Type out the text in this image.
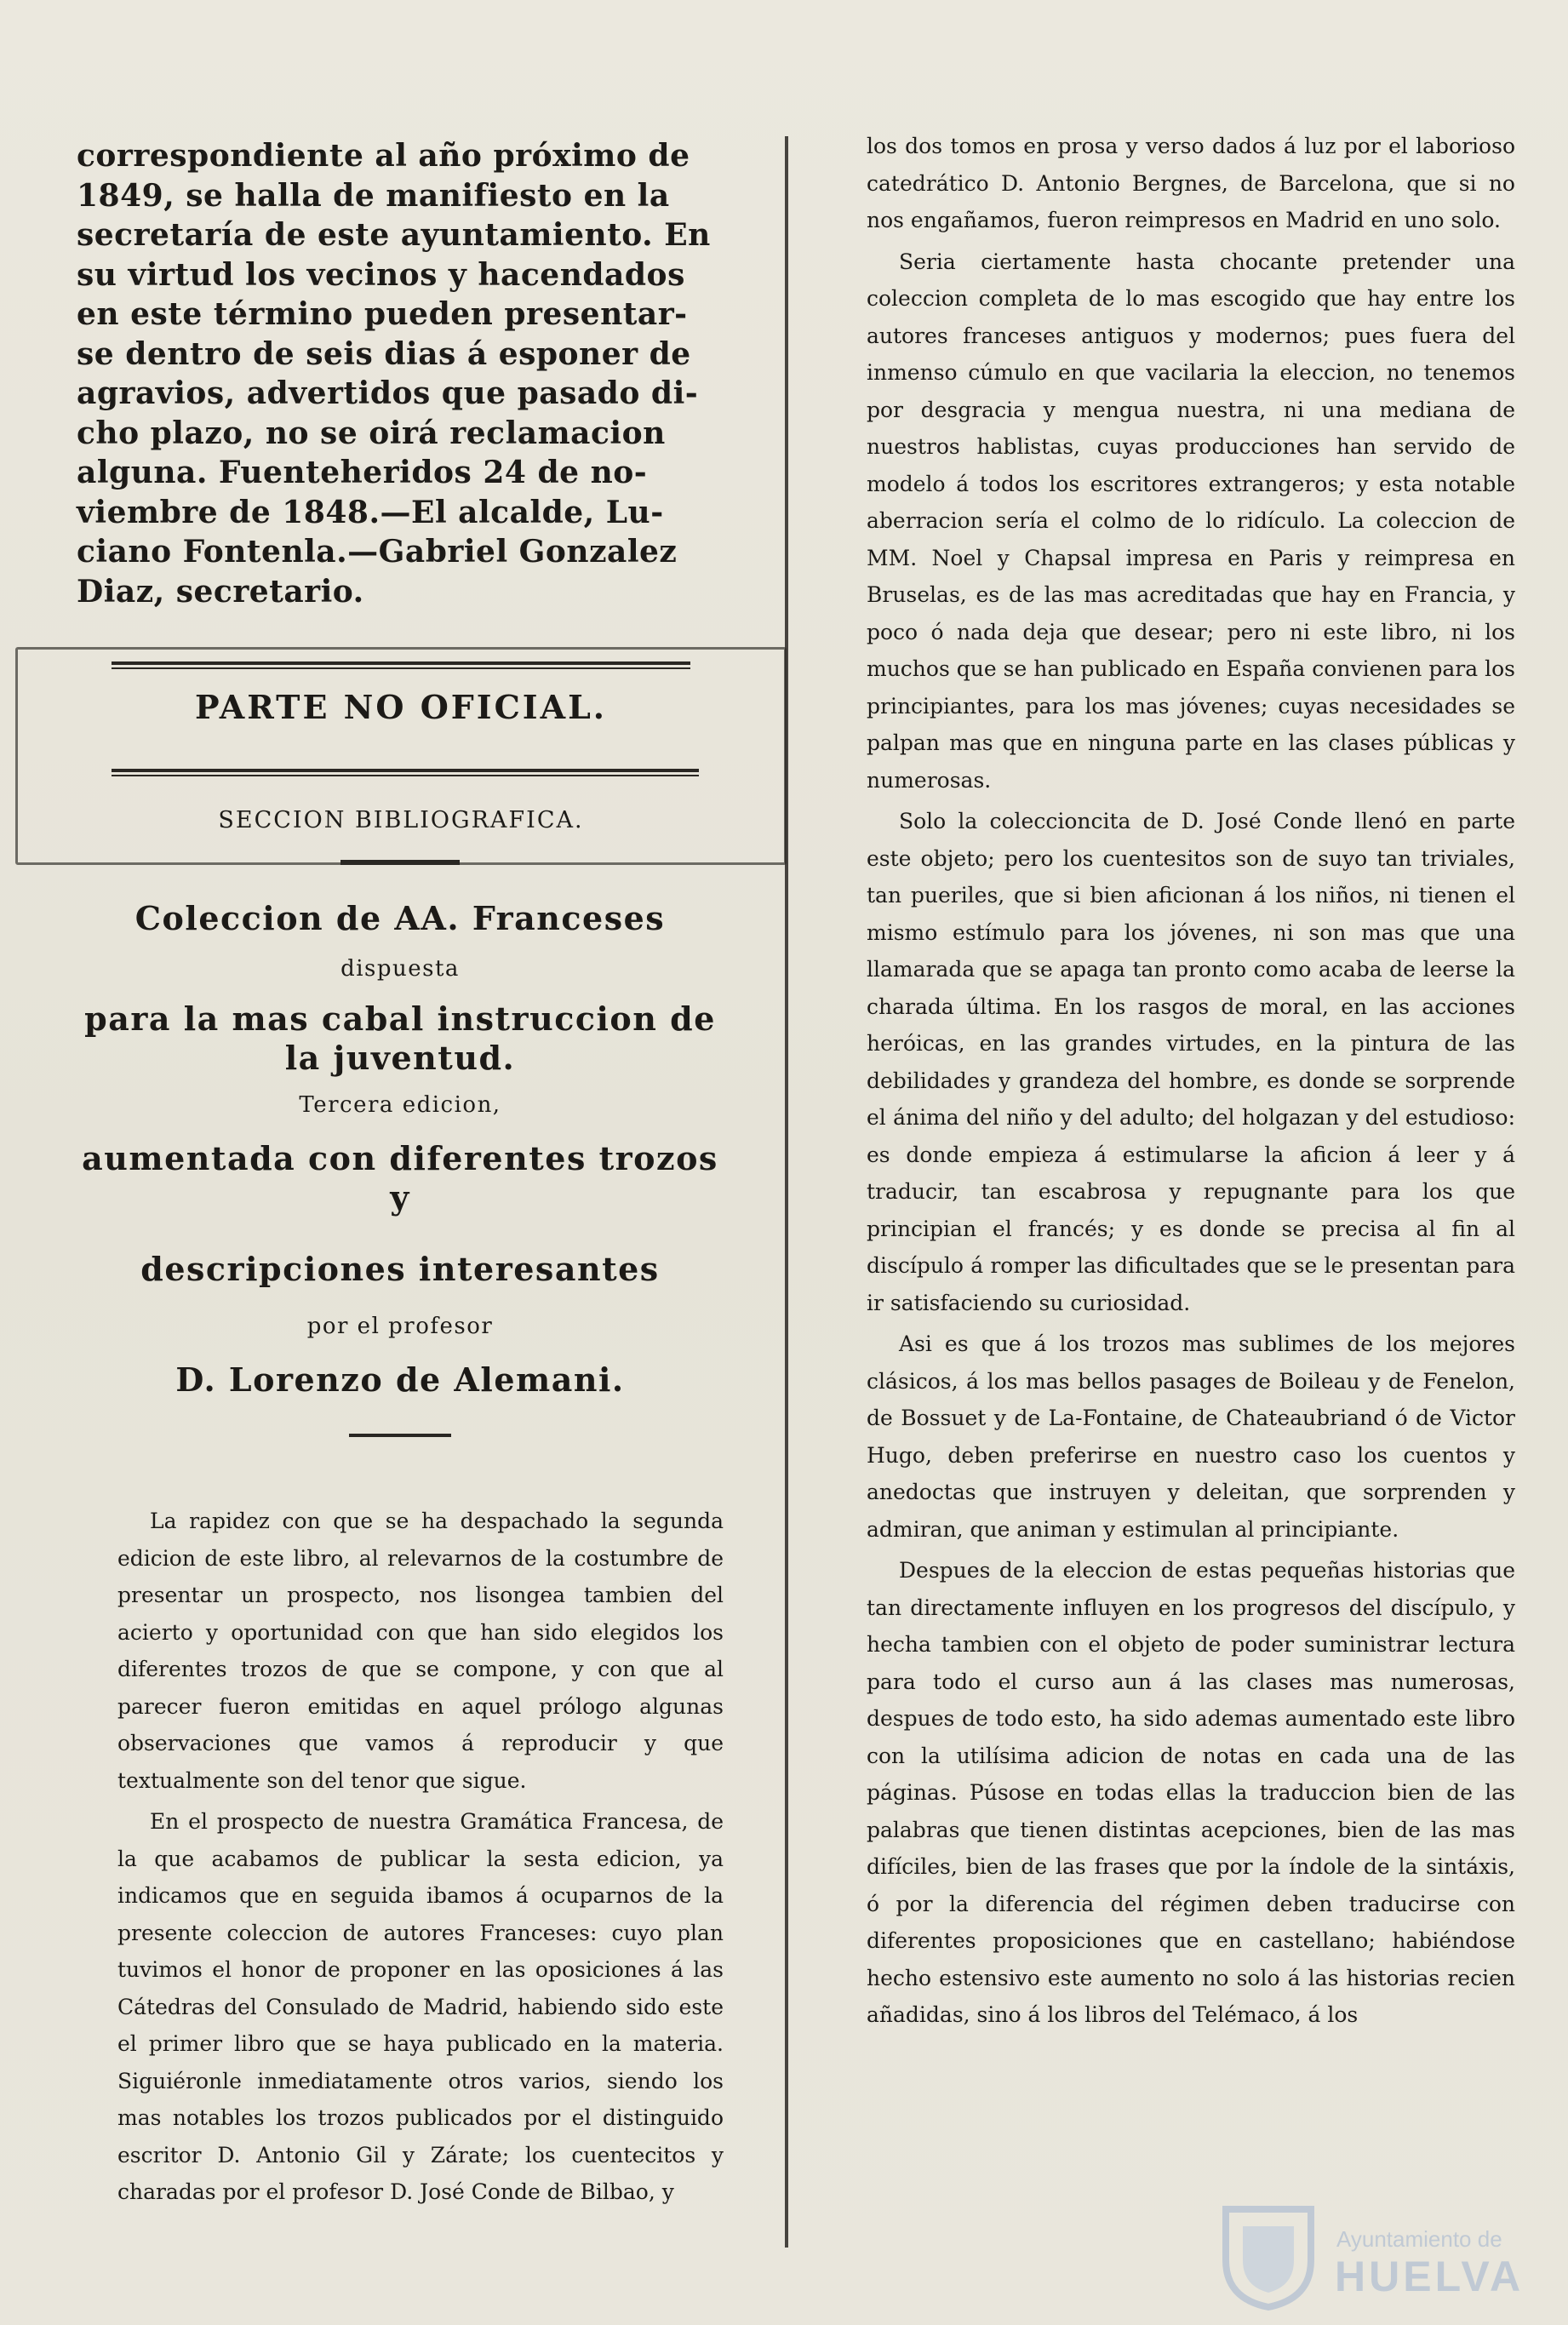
correspondiente al año próximo de

1849, se halla de manifiesto en la

secretaría de este ayuntamiento. En

su virtud los vecinos y hacendados

en este término pueden presentar-

se dentro de seis dias á esponer de

agravios, advertidos que pasado di-

cho plazo, no se oirá reclamacion

alguna. Fuenteheridos 24 de no-

viembre de 1848.—El alcalde, Lu-

ciano Fontenla.—Gabriel Gonzalez

Diaz, secretario.

PARTE NO OFICIAL.
SECCION BIBLIOGRAFICA.

Coleccion de AA. Franceses

dispuesta

para la mas cabal instruccion de la juventud.

Tercera edicion,

aumentada con diferentes trozos y

descripciones interesantes

por el profesor

D. Lorenzo de Alemani.

La rapidez con que se ha despachado la segunda edicion de este libro, al relevarnos de la costumbre de presentar un prospecto, nos lisongea tambien del acierto y oportunidad con que han sido elegidos los diferentes trozos de que se compone, y con que al parecer fueron emitidas en aquel prólogo algunas observaciones que vamos á reproducir y que textualmente son del tenor que sigue.

En el prospecto de nuestra Gramática Francesa, de la que acabamos de publicar la sesta edicion, ya indicamos que en seguida ibamos á ocuparnos de la presente coleccion de autores Franceses: cuyo plan tuvimos el honor de proponer en las oposiciones á las Cátedras del Consulado de Madrid, habiendo sido este el primer libro que se haya publicado en la materia. Siguiéronle inmediatamente otros varios, siendo los mas notables los trozos publicados por el distinguido escritor D. Antonio Gil y Zárate; los cuentecitos y charadas por el profesor D. José Conde de Bilbao, y

los dos tomos en prosa y verso dados á luz por el laborioso catedrático D. Antonio Bergnes, de Barcelona, que si no nos engañamos, fueron reimpresos en Madrid en uno solo.

Seria ciertamente hasta chocante pretender una coleccion completa de lo mas escogido que hay entre los autores franceses antiguos y modernos; pues fuera del inmenso cúmulo en que vacilaria la eleccion, no tenemos por desgracia y mengua nuestra, ni una mediana de nuestros hablistas, cuyas producciones han servido de modelo á todos los escritores extrangeros; y esta notable aberracion sería el colmo de lo ridículo. La coleccion de MM. Noel y Chapsal impresa en Paris y reimpresa en Bruselas, es de las mas acreditadas que hay en Francia, y poco ó nada deja que desear; pero ni este libro, ni los muchos que se han publicado en España convienen para los principiantes, para los mas jóvenes; cuyas necesidades se palpan mas que en ninguna parte en las clases públicas y numerosas.

Solo la coleccioncita de D. José Conde llenó en parte este objeto; pero los cuentesitos son de suyo tan triviales, tan pueriles, que si bien aficionan á los niños, ni tienen el mismo estímulo para los jóvenes, ni son mas que una llamarada que se apaga tan pronto como acaba de leerse la charada última. En los rasgos de moral, en las acciones heróicas, en las grandes virtudes, en la pintura de las debilidades y grandeza del hombre, es donde se sorprende el ánima del niño y del adulto; del holgazan y del estudioso: es donde empieza á estimularse la aficion á leer y á traducir, tan escabrosa y repugnante para los que principian el francés; y es donde se precisa al fin al discípulo á romper las dificultades que se le presentan para ir satisfaciendo su curiosidad.

Asi es que á los trozos mas sublimes de los mejores clásicos, á los mas bellos pasages de Boileau y de Fenelon, de Bossuet y de La-Fontaine, de Chateaubriand ó de Victor Hugo, deben preferirse en nuestro caso los cuentos y anedoctas que instruyen y deleitan, que sorprenden y admiran, que animan y estimulan al principiante.

Despues de la eleccion de estas pequeñas historias que tan directamente influyen en los progresos del discípulo, y hecha tambien con el objeto de poder suministrar lectura para todo el curso aun á las clases mas numerosas, despues de todo esto, ha sido ademas aumentado este libro con la utilísima adicion de notas en cada una de las páginas. Púsose en todas ellas la traduccion bien de las palabras que tienen distintas acepciones, bien de las mas difíciles, bien de las frases que por la índole de la sintáxis, ó por la diferencia del régimen deben traducirse con diferentes proposiciones que en castellano; habiéndose hecho estensivo este aumento no solo á las historias recien añadidas, sino á los libros del Telémaco, á los

Ayuntamiento de
HUELVA
